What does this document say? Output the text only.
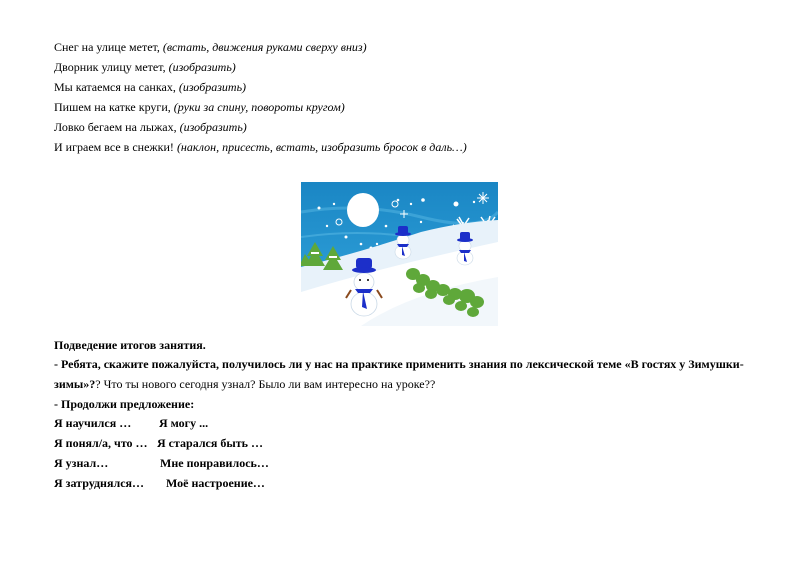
Снег на улице метет, (встать, движения руками сверху вниз)
Дворник улицу метет, (изобразить)
Мы катаемся на санках, (изобразить)
Пишем на катке круги, (руки за спину, повороты кругом)
Ловко бегаем на лыжах, (изобразить)
И играем все в снежки! (наклон, присесть, встать, изобразить бросок в даль…)
Подведение итогов занятия.
- Ребята, скажите пожалуйста, получилось ли у нас на практике применить знания по лексической теме «В гостях у Зимушки-
зимы»?? Что ты нового сегодня узнал? Было ли вам интересно на уроке??
- Продолжи предложение:
Я научился … Я могу ...
Я понял/а, что … Я старался быть …
Я узнал…	Мне понравилось…
Я затруднялся… Моё настроение…
